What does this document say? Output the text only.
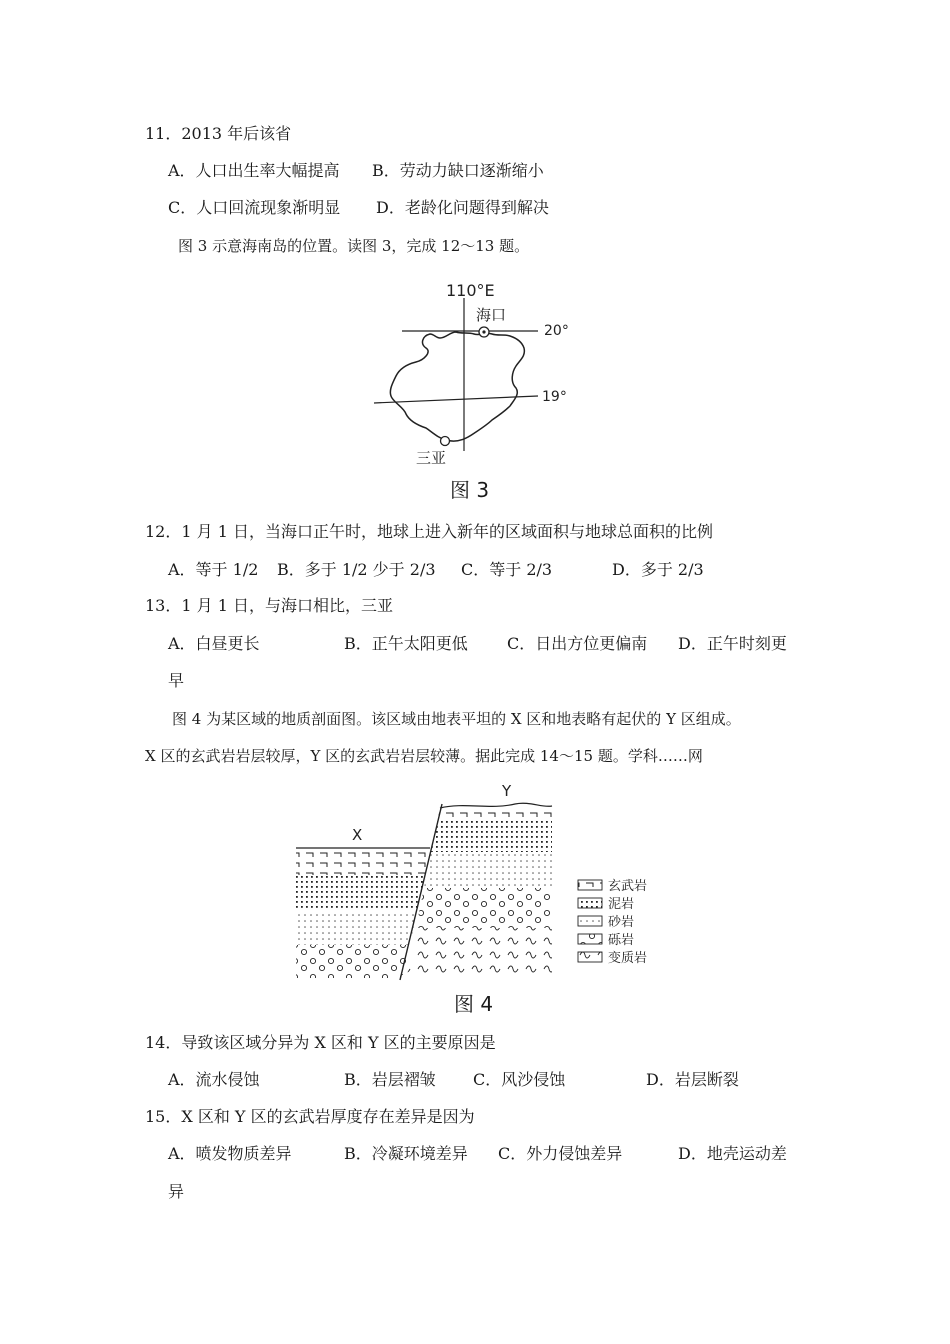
11．2013 年后该省
A．人口出生率大幅提高 B．劳动力缺口逐渐缩小
C．人口回流现象渐明显 D．老龄化问题得到解决
图 3 示意海南岛的位置。读图 3，完成 12～13 题。
110°E
海口
20°
19°
三亚
图 3
12．1 月 1 日，当海口正午时，地球上进入新年的区域面积与地球总面积的比例
A．等于 1/2 B．多于 1/2 少于 2/3 C．等于 2/3	D．多于 2/3
13．1 月 1 日，与海口相比，三亚
A．白昼更长	B．正午太阳更低 C．日出方位更偏南 D．正午时刻更
早
图 4 为某区域的地质剖面图。该区域由地表平坦的 X 区和地表略有起伏的 Y 区组成。
X 区的玄武岩岩层较厚，Y 区的玄武岩岩层较薄。据此完成 14～15 题。学科……网
X
Y
玄武岩
泥岩
砂岩
砾岩
变质岩
图 4
14．导致该区域分异为 X 区和 Y 区的主要原因是
A．流水侵蚀	B．岩层褶皱 C．风沙侵蚀	D．岩层断裂
15．X 区和 Y 区的玄武岩厚度存在差异是因为
A．喷发物质差异	B．冷凝环境差异 C．外力侵蚀差异	D．地壳运动差
异
